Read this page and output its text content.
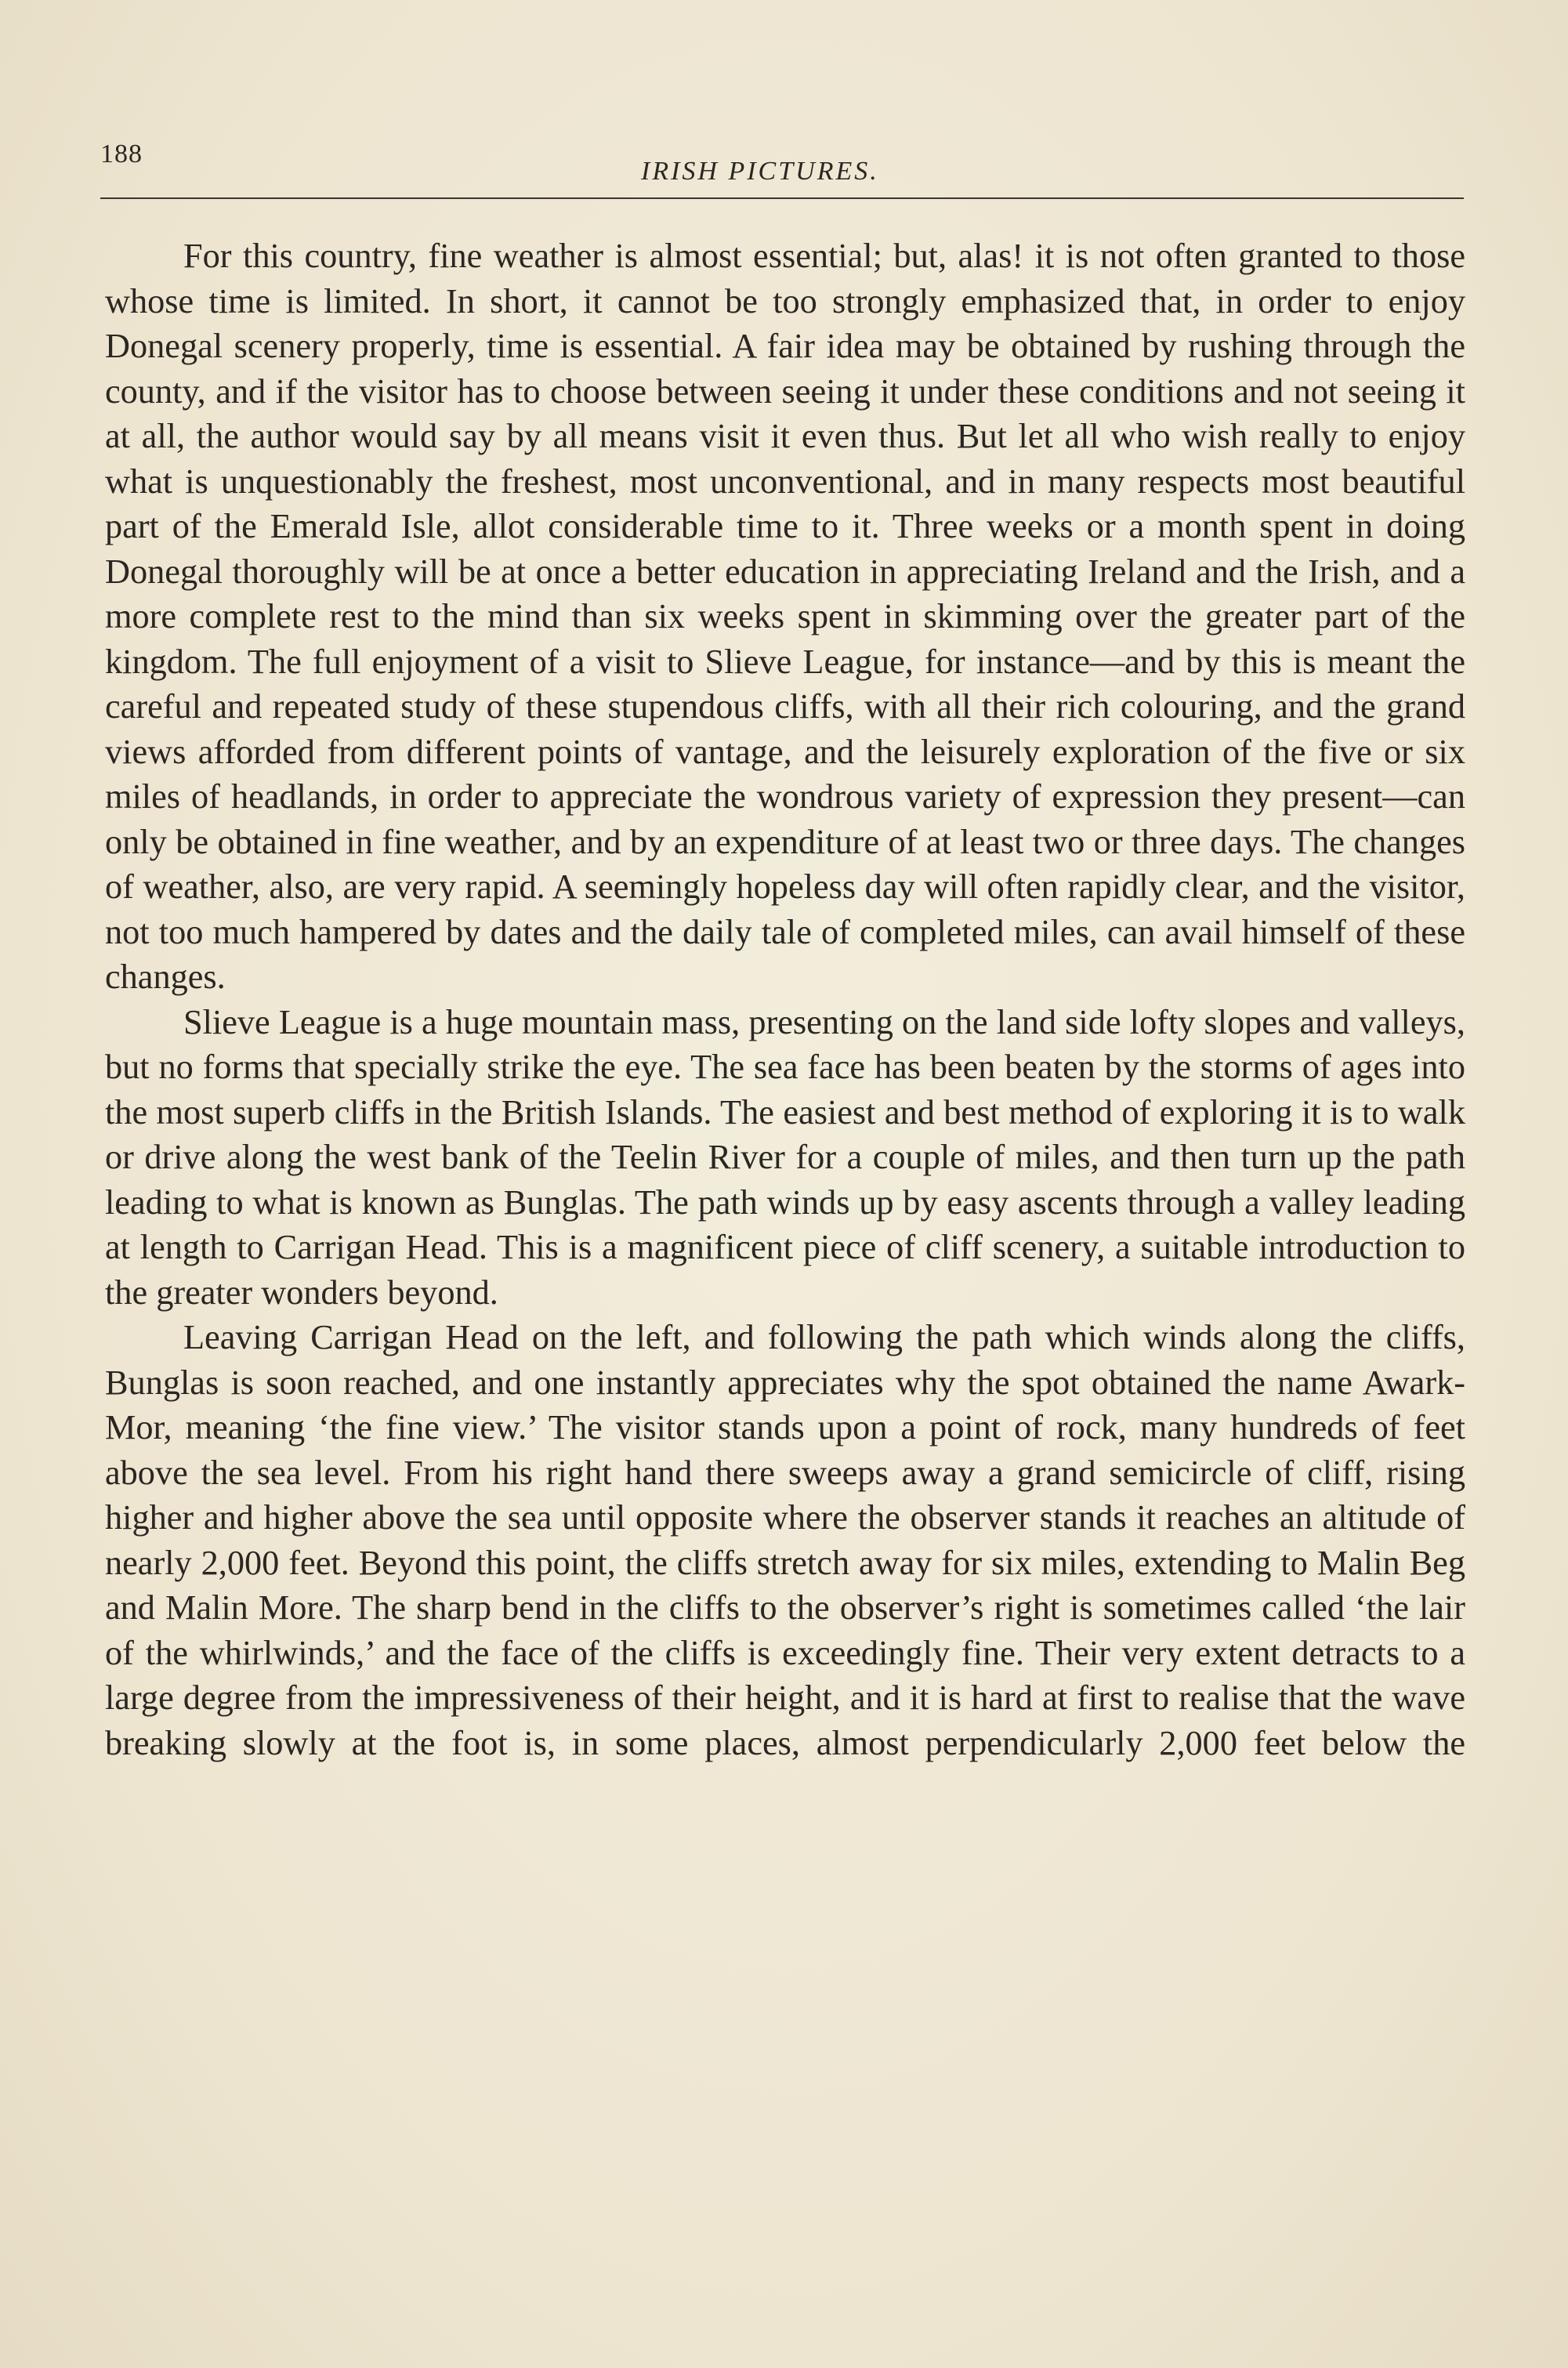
188
IRISH PICTURES.

For this country, fine weather is almost essential; but, alas! it is not often granted to those whose time is limited. In short, it cannot be too strongly emphasized that, in order to enjoy Donegal scenery properly, time is essential. A fair idea may be obtained by rushing through the county, and if the visitor has to choose between seeing it under these conditions and not seeing it at all, the author would say by all means visit it even thus. But let all who wish really to enjoy what is unquestionably the freshest, most unconventional, and in many respects most beautiful part of the Emerald Isle, allot considerable time to it. Three weeks or a month spent in doing Donegal thoroughly will be at once a better education in appreciating Ireland and the Irish, and a more complete rest to the mind than six weeks spent in skimming over the greater part of the kingdom. The full enjoyment of a visit to Slieve League, for instance—and by this is meant the careful and repeated study of these stupendous cliffs, with all their rich colouring, and the grand views afforded from different points of vantage, and the leisurely exploration of the five or six miles of headlands, in order to appreciate the wondrous variety of expression they present—can only be obtained in fine weather, and by an expenditure of at least two or three days. The changes of weather, also, are very rapid. A seemingly hopeless day will often rapidly clear, and the visitor, not too much hampered by dates and the daily tale of completed miles, can avail himself of these changes.

Slieve League is a huge mountain mass, presenting on the land side lofty slopes and valleys, but no forms that specially strike the eye. The sea face has been beaten by the storms of ages into the most superb cliffs in the British Islands. The easiest and best method of exploring it is to walk or drive along the west bank of the Teelin River for a couple of miles, and then turn up the path leading to what is known as Bunglas. The path winds up by easy ascents through a valley leading at length to Carrigan Head. This is a magnificent piece of cliff scenery, a suitable introduction to the greater wonders beyond.

Leaving Carrigan Head on the left, and following the path which winds along the cliffs, Bunglas is soon reached, and one instantly appreciates why the spot obtained the name Awark-Mor, meaning ‘the fine view.’ The visitor stands upon a point of rock, many hundreds of feet above the sea level. From his right hand there sweeps away a grand semicircle of cliff, rising higher and higher above the sea until opposite where the observer stands it reaches an altitude of nearly 2,000 feet. Beyond this point, the cliffs stretch away for six miles, extending to Malin Beg and Malin More. The sharp bend in the cliffs to the observer’s right is sometimes called ‘the lair of the whirlwinds,’ and the face of the cliffs is exceedingly fine. Their very extent detracts to a large degree from the impressiveness of their height, and it is hard at first to realise that the wave breaking slowly at the foot is, in some places, almost perpendicularly 2,000 feet below the
